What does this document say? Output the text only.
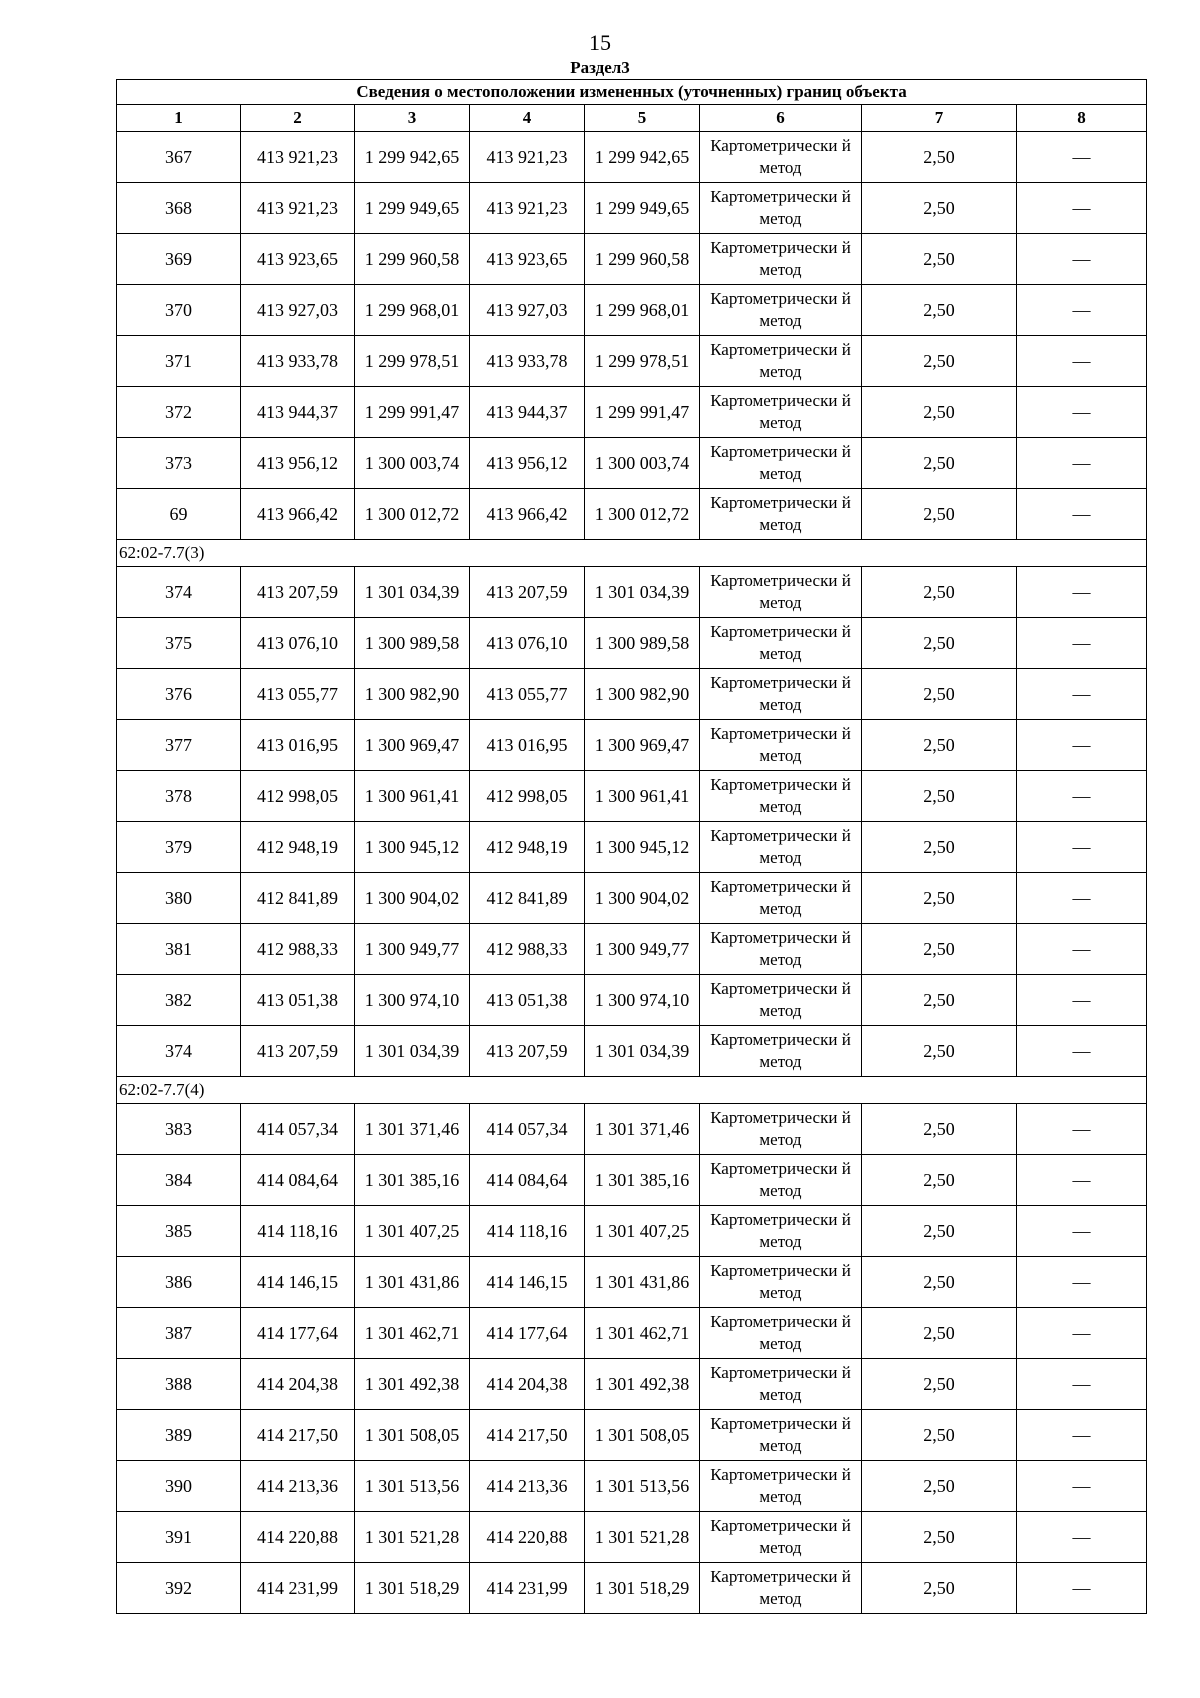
15
Раздел3
Сведения о местоположении измененных (уточненных) границ объекта							
1	2	3	4	5	6	7	8
367	413 921,23	1 299 942,65	413 921,23	1 299 942,65	Картометрически й метод	2,50	—
368	413 921,23	1 299 949,65	413 921,23	1 299 949,65	Картометрически й метод	2,50	—
369	413 923,65	1 299 960,58	413 923,65	1 299 960,58	Картометрически й метод	2,50	—
370	413 927,03	1 299 968,01	413 927,03	1 299 968,01	Картометрически й метод	2,50	—
371	413 933,78	1 299 978,51	413 933,78	1 299 978,51	Картометрически й метод	2,50	—
372	413 944,37	1 299 991,47	413 944,37	1 299 991,47	Картометрически й метод	2,50	—
373	413 956,12	1 300 003,74	413 956,12	1 300 003,74	Картометрически й метод	2,50	—
69	413 966,42	1 300 012,72	413 966,42	1 300 012,72	Картометрически й метод	2,50	—
62:02-7.7(3)							
374	413 207,59	1 301 034,39	413 207,59	1 301 034,39	Картометрически й метод	2,50	—
375	413 076,10	1 300 989,58	413 076,10	1 300 989,58	Картометрически й метод	2,50	—
376	413 055,77	1 300 982,90	413 055,77	1 300 982,90	Картометрически й метод	2,50	—
377	413 016,95	1 300 969,47	413 016,95	1 300 969,47	Картометрически й метод	2,50	—
378	412 998,05	1 300 961,41	412 998,05	1 300 961,41	Картометрически й метод	2,50	—
379	412 948,19	1 300 945,12	412 948,19	1 300 945,12	Картометрически й метод	2,50	—
380	412 841,89	1 300 904,02	412 841,89	1 300 904,02	Картометрически й метод	2,50	—
381	412 988,33	1 300 949,77	412 988,33	1 300 949,77	Картометрически й метод	2,50	—
382	413 051,38	1 300 974,10	413 051,38	1 300 974,10	Картометрически й метод	2,50	—
374	413 207,59	1 301 034,39	413 207,59	1 301 034,39	Картометрически й метод	2,50	—
62:02-7.7(4)							
383	414 057,34	1 301 371,46	414 057,34	1 301 371,46	Картометрически й метод	2,50	—
384	414 084,64	1 301 385,16	414 084,64	1 301 385,16	Картометрически й метод	2,50	—
385	414 118,16	1 301 407,25	414 118,16	1 301 407,25	Картометрически й метод	2,50	—
386	414 146,15	1 301 431,86	414 146,15	1 301 431,86	Картометрически й метод	2,50	—
387	414 177,64	1 301 462,71	414 177,64	1 301 462,71	Картометрически й метод	2,50	—
388	414 204,38	1 301 492,38	414 204,38	1 301 492,38	Картометрически й метод	2,50	—
389	414 217,50	1 301 508,05	414 217,50	1 301 508,05	Картометрически й метод	2,50	—
390	414 213,36	1 301 513,56	414 213,36	1 301 513,56	Картометрически й метод	2,50	—
391	414 220,88	1 301 521,28	414 220,88	1 301 521,28	Картометрически й метод	2,50	—
392	414 231,99	1 301 518,29	414 231,99	1 301 518,29	Картометрически й метод	2,50	—
